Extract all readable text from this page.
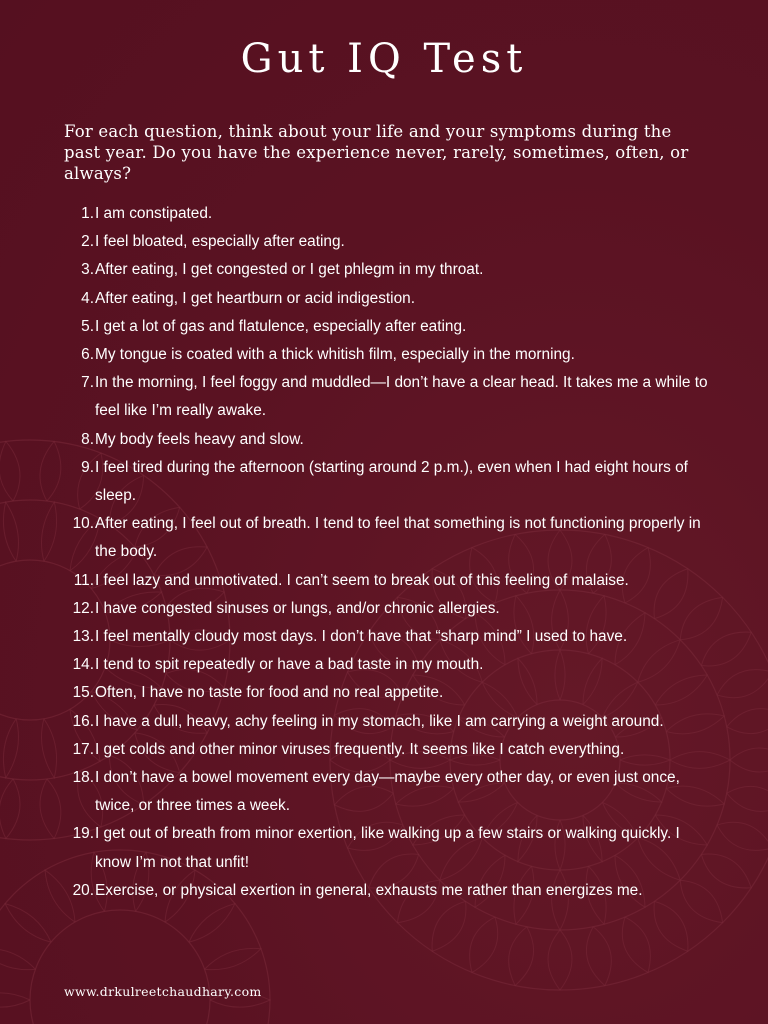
Gut IQ Test

For each question, think about your life and your symptoms during the past year. Do you have the experience never, rarely, sometimes, often, or always?

1. I am constipated.
2. I feel bloated, especially after eating.
3. After eating, I get congested or I get phlegm in my throat.
4. After eating, I get heartburn or acid indigestion.
5. I get a lot of gas and flatulence, especially after eating.
6. My tongue is coated with a thick whitish film, especially in the morning.
7. In the morning, I feel foggy and muddled—I don’t have a clear head. It takes me a while to feel like I’m really awake.
8. My body feels heavy and slow.
9. I feel tired during the afternoon (starting around 2 p.m.), even when I had eight hours of sleep.
10. After eating, I feel out of breath. I tend to feel that something is not functioning properly in the body.
11. I feel lazy and unmotivated. I can’t seem to break out of this feeling of malaise.
12. I have congested sinuses or lungs, and/or chronic allergies.
13. I feel mentally cloudy most days. I don’t have that “sharp mind” I used to have.
14. I tend to spit repeatedly or have a bad taste in my mouth.
15. Often, I have no taste for food and no real appetite.
16. I have a dull, heavy, achy feeling in my stomach, like I am carrying a weight around.
17. I get colds and other minor viruses frequently. It seems like I catch everything.
18. I don’t have a bowel movement every day—maybe every other day, or even just once, twice, or three times a week.
19. I get out of breath from minor exertion, like walking up a few stairs or walking quickly. I know I’m not that unfit!
20. Exercise, or physical exertion in general, exhausts me rather than energizes me.
www.drkulreetchaudhary.com
